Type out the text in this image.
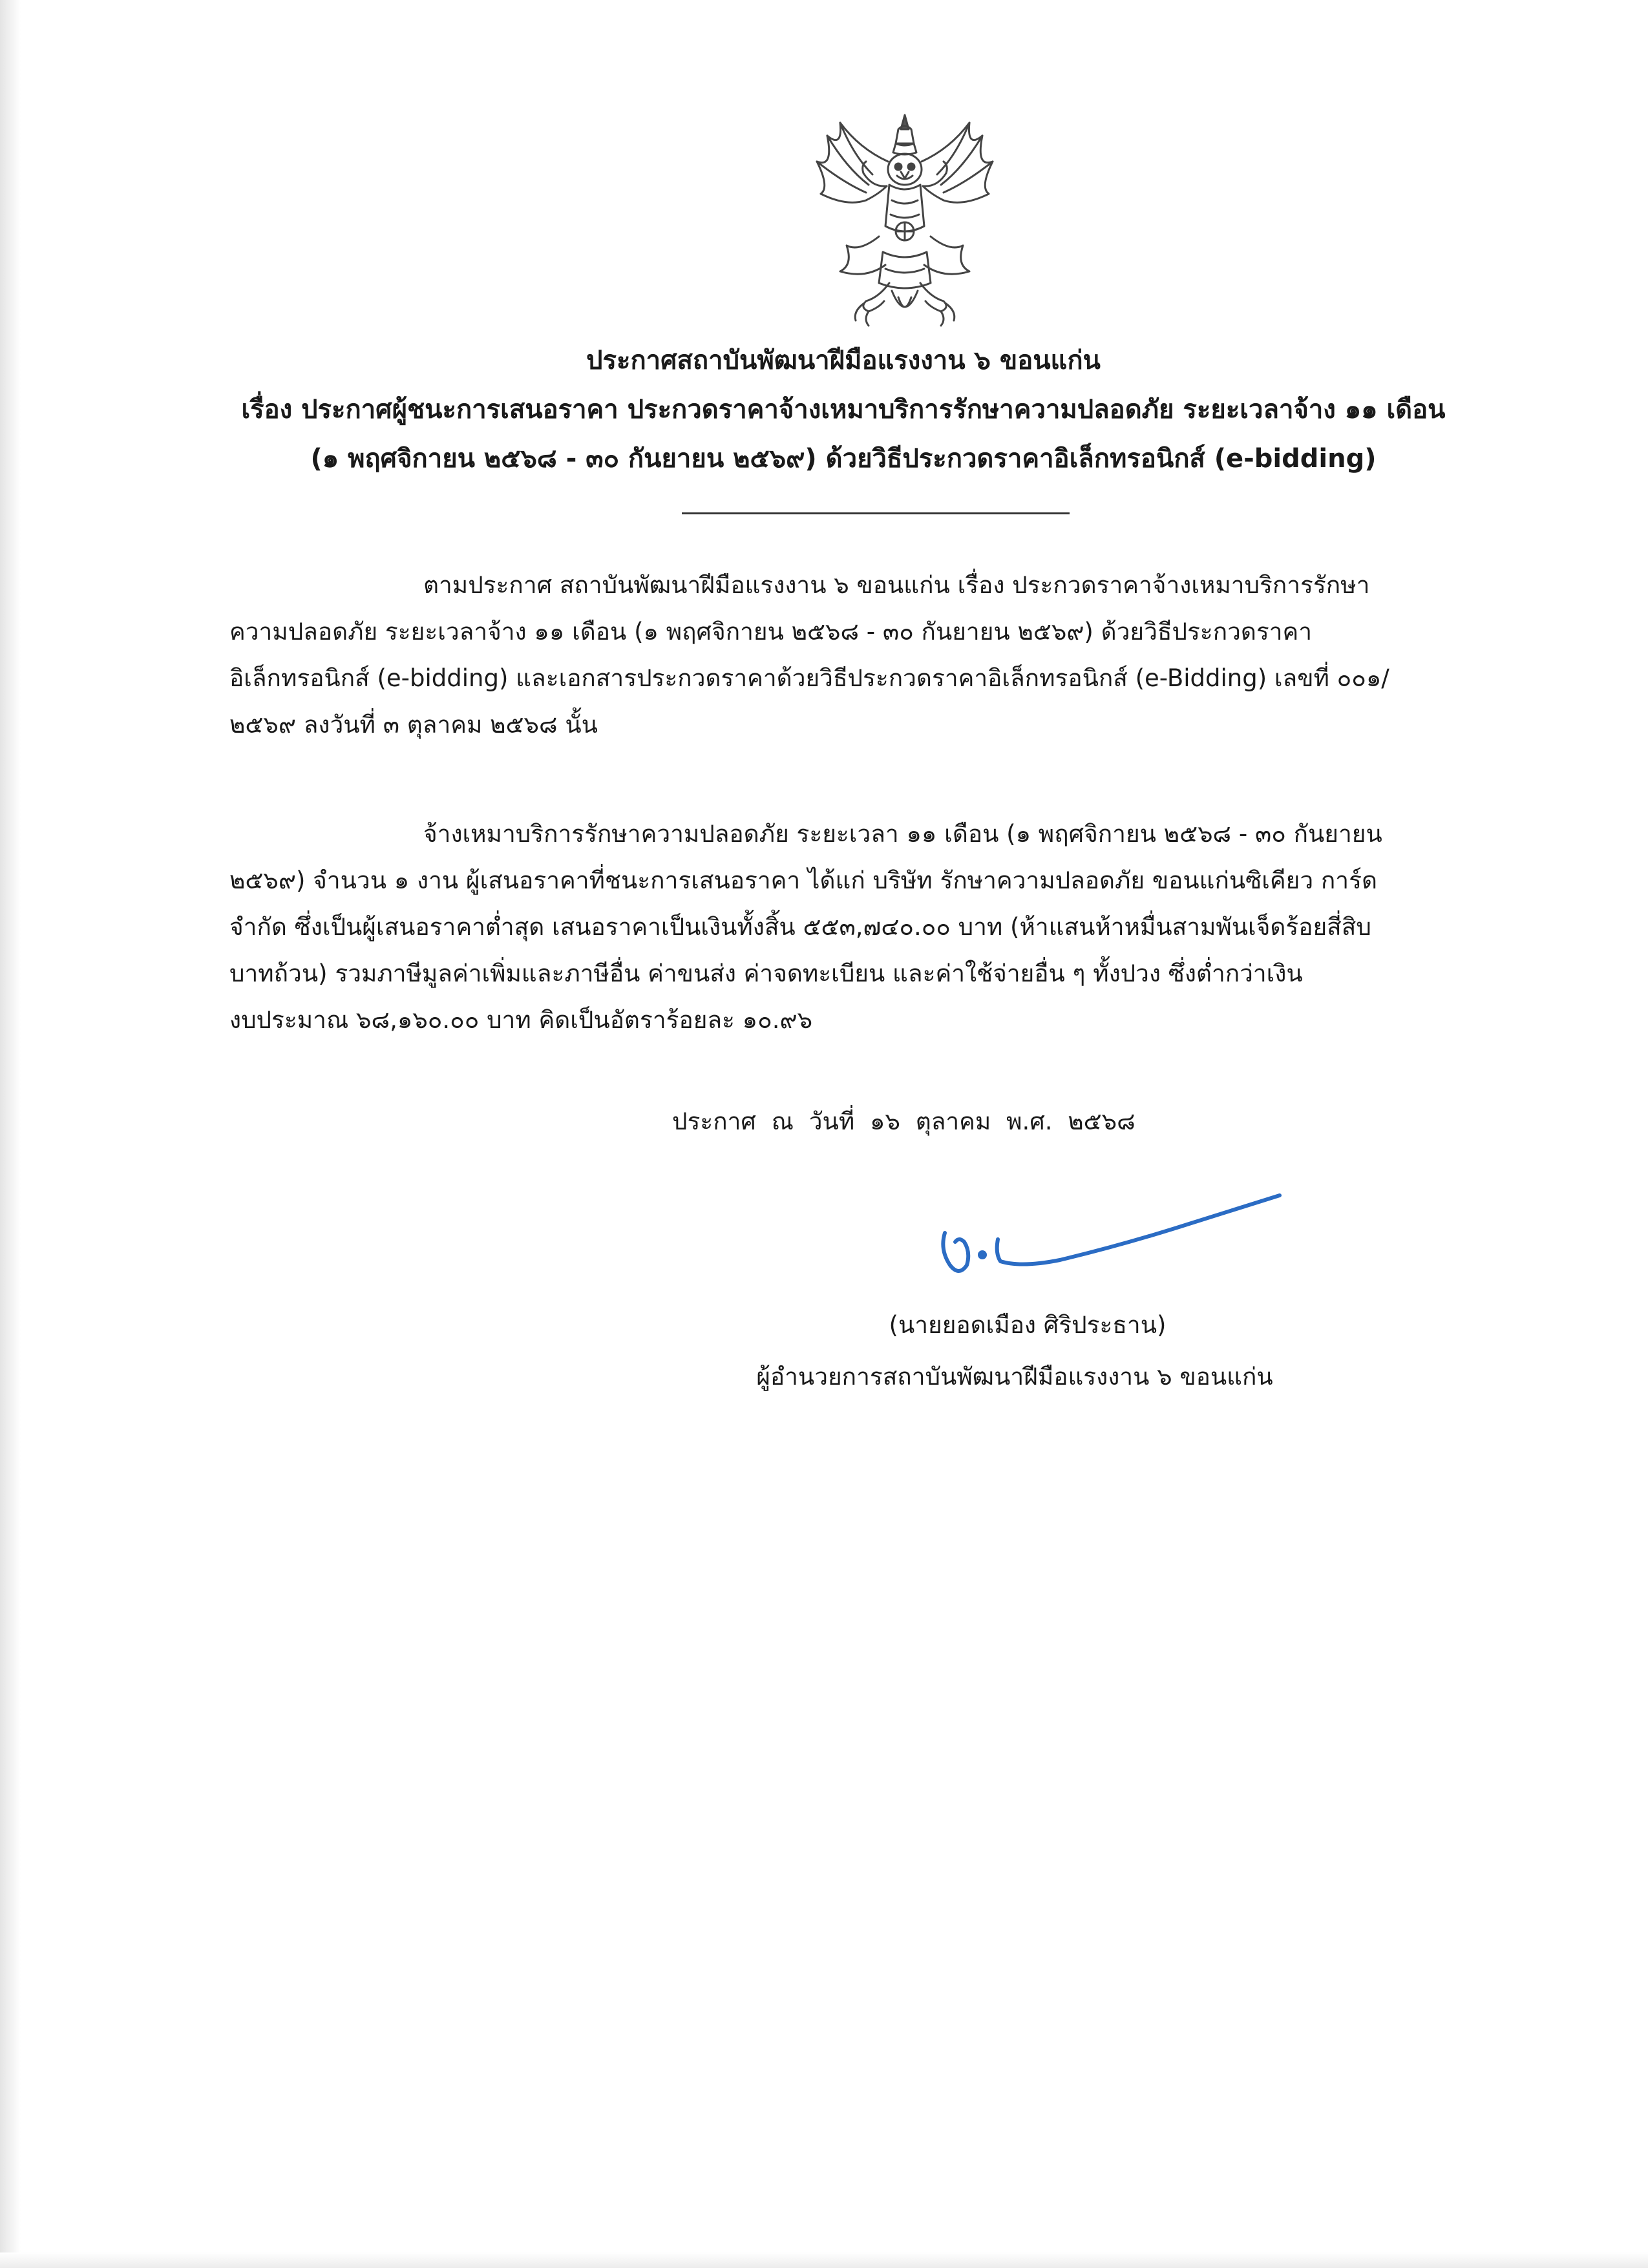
ประกาศสถาบันพัฒนาฝีมือแรงงาน ๖ ขอนแก่น
เรื่อง ประกาศผู้ชนะการเสนอราคา ประกวดราคาจ้างเหมาบริการรักษาความปลอดภัย ระยะเวลาจ้าง ๑๑ เดือน
(๑ พฤศจิกายน ๒๕๖๘ - ๓๐ กันยายน ๒๕๖๙) ด้วยวิธีประกวดราคาอิเล็กทรอนิกส์ (e-bidding)
ตามประกาศ สถาบันพัฒนาฝีมือแรงงาน ๖ ขอนแก่น เรื่อง ประกวดราคาจ้างเหมาบริการรักษา
ความปลอดภัย ระยะเวลาจ้าง ๑๑ เดือน (๑ พฤศจิกายน ๒๕๖๘ - ๓๐ กันยายน ๒๕๖๙) ด้วยวิธีประกวดราคา
อิเล็กทรอนิกส์ (e-bidding) และเอกสารประกวดราคาด้วยวิธีประกวดราคาอิเล็กทรอนิกส์ (e-Bidding) เลขที่ ๐๐๑/
๒๕๖๙ ลงวันที่ ๓ ตุลาคม ๒๕๖๘ นั้น
จ้างเหมาบริการรักษาความปลอดภัย ระยะเวลา ๑๑ เดือน (๑ พฤศจิกายน ๒๕๖๘ - ๓๐ กันยายน
๒๕๖๙) จำนวน ๑ งาน ผู้เสนอราคาที่ชนะการเสนอราคา ได้แก่ บริษัท รักษาความปลอดภัย ขอนแก่นซิเคียว การ์ด
จำกัด ซึ่งเป็นผู้เสนอราคาต่ำสุด เสนอราคาเป็นเงินทั้งสิ้น ๕๕๓,๗๔๐.๐๐ บาท (ห้าแสนห้าหมื่นสามพันเจ็ดร้อยสี่สิบ
บาทถ้วน) รวมภาษีมูลค่าเพิ่มและภาษีอื่น ค่าขนส่ง ค่าจดทะเบียน และค่าใช้จ่ายอื่น ๆ ทั้งปวง ซึ่งต่ำกว่าเงิน
งบประมาณ ๖๘,๑๖๐.๐๐ บาท คิดเป็นอัตราร้อยละ ๑๐.๙๖
ประกาศ ณ วันที่ ๑๖ ตุลาคม พ.ศ. ๒๕๖๘
(นายยอดเมือง ศิริประธาน)
ผู้อำนวยการสถาบันพัฒนาฝีมือแรงงาน ๖ ขอนแก่น
